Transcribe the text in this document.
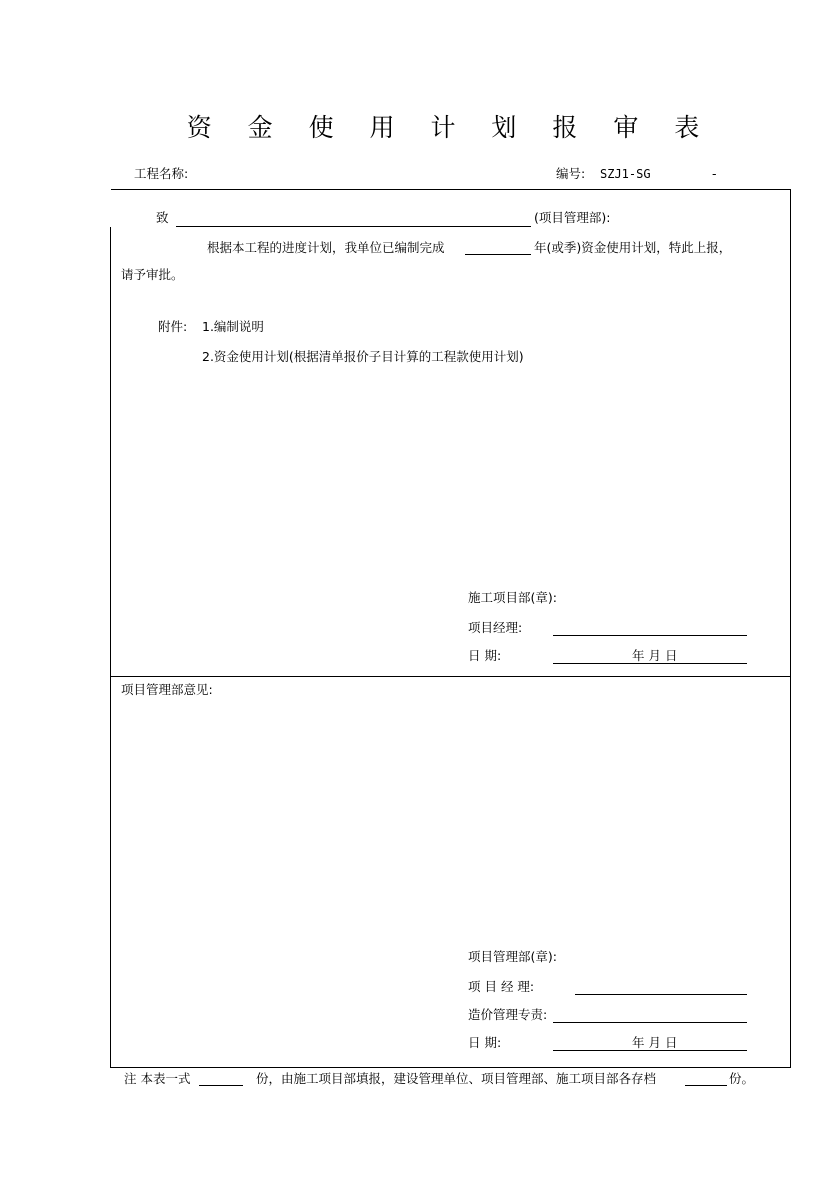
资 金 使 用 计 划 报 审 表
工程名称:	编号: SZJ1-SG	-
致	(项目管理部):
根据本工程的进度计划，我单位已编制完成	年(或季)资金使用计划，特此上报，
请予审批。
附件: 1.编制说明
2.资金使用计划(根据清单报价子目计算的工程款使用计划)
施工项目部(章):
项目经理:
日 期:	年 月 日
项目管理部意见:
项目管理部(章):
项 目 经 理:
造价管理专责:
日 期:	年 月 日
注 本表一式	份，由施工项目部填报，建设管理单位、项目管理部、施工项目部各存档	份。
